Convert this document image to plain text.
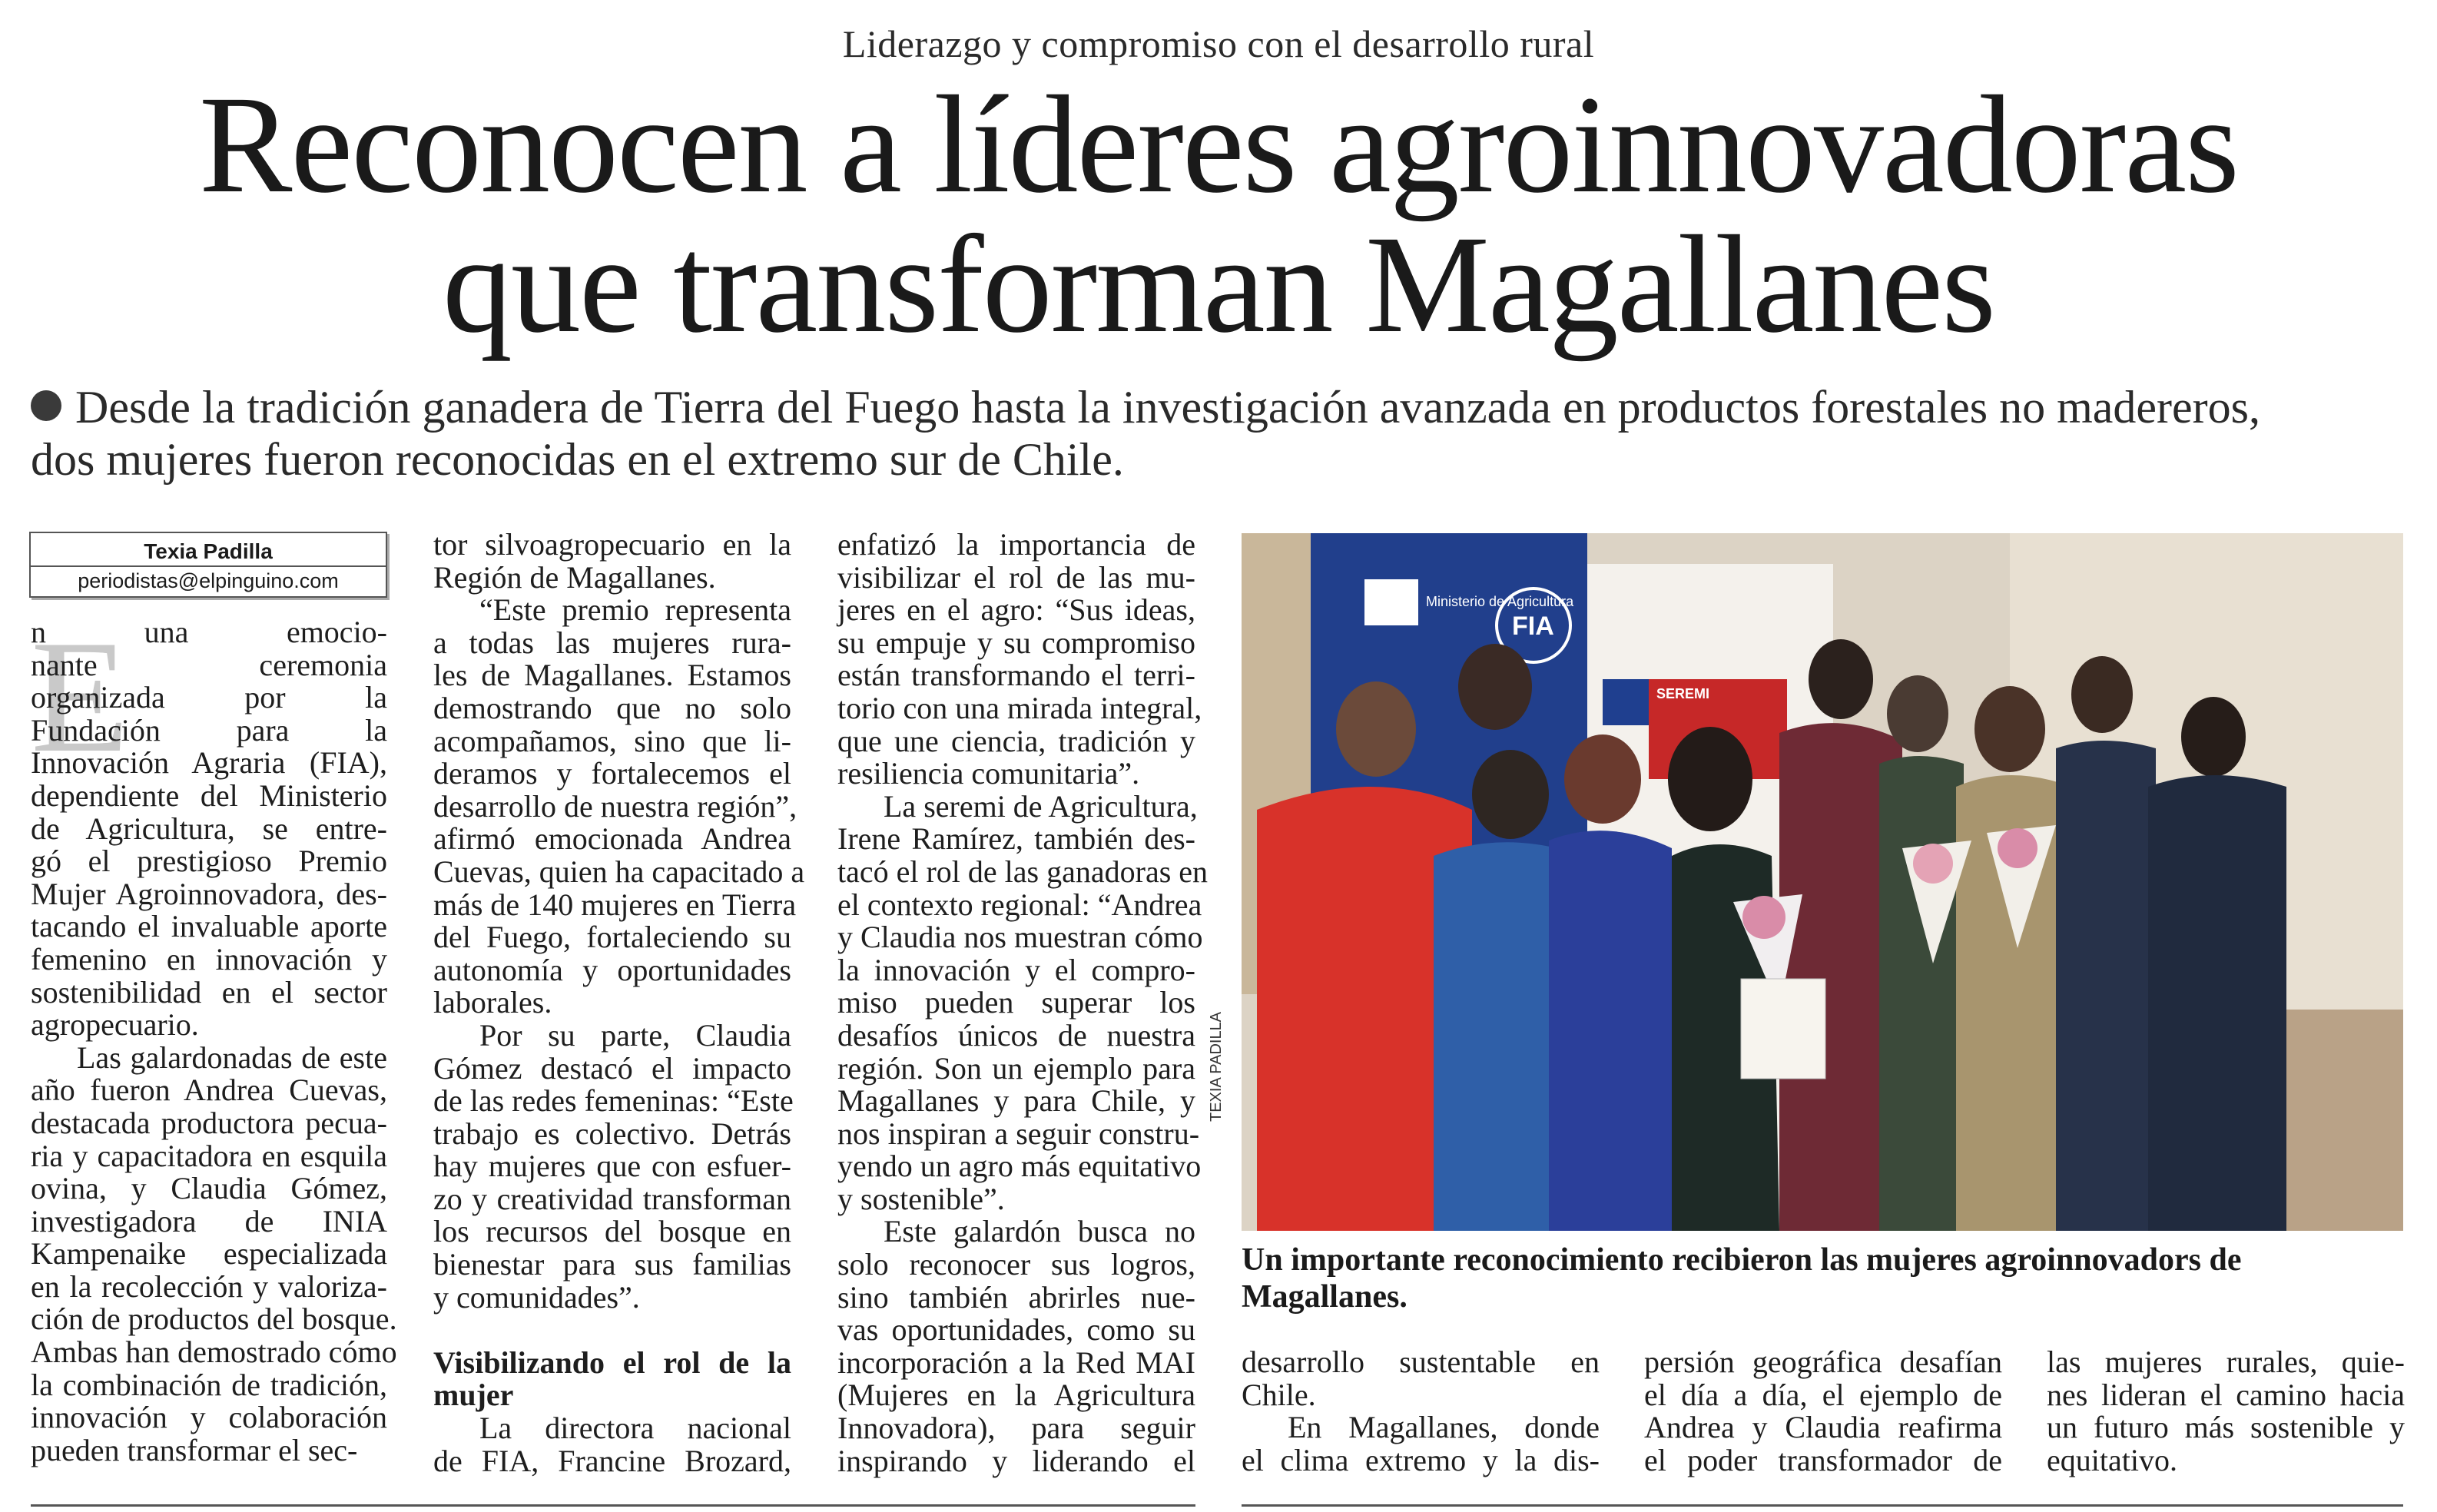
Liderazgo y compromiso con el desarrollo rural
Reconocen a líderes agroinnovadoras
que transforman Magallanes
Desde la tradición ganadera de Tierra del Fuego hasta la investigación avanzada en productos forestales no madereros,
dos mujeres fueron reconocidas en el extremo sur de Chile.
Texia Padilla
periodistas@elpinguino.com
E
n una emocio-
nante ceremonia
organizada por la
Fundación para la
Innovación Agraria (FIA),
dependiente del Ministerio
de Agricultura, se entre-
gó el prestigioso Premio
Mujer Agroinnovadora, des-
tacando el invaluable aporte
femenino en innovación y
sostenibilidad en el sector
agropecuario.
Las galardonadas de este
año fueron Andrea Cuevas,
destacada productora pecua-
ria y capacitadora en esquila
ovina, y Claudia Gómez,
investigadora de INIA
Kampenaike especializada
en la recolección y valoriza-
ción de productos del bosque.
Ambas han demostrado cómo
la combinación de tradición,
innovación y colaboración
pueden transformar el sec-
tor silvoagropecuario en la
Región de Magallanes.
“Este premio representa
a todas las mujeres rura-
les de Magallanes. Estamos
demostrando que no solo
acompañamos, sino que li-
deramos y fortalecemos el
desarrollo de nuestra región”,
afirmó emocionada Andrea
Cuevas, quien ha capacitado a
más de 140 mujeres en Tierra
del Fuego, fortaleciendo su
autonomía y oportunidades
laborales.
Por su parte, Claudia
Gómez destacó el impacto
de las redes femeninas: “Este
trabajo es colectivo. Detrás
hay mujeres que con esfuer-
zo y creatividad transforman
los recursos del bosque en
bienestar para sus familias
y comunidades”.

Visibilizando el rol de la
mujer
La directora nacional
de FIA, Francine Brozard,
enfatizó la importancia de
visibilizar el rol de las mu-
jeres en el agro: “Sus ideas,
su empuje y su compromiso
están transformando el terri-
torio con una mirada integral,
que une ciencia, tradición y
resiliencia comunitaria”.
La seremi de Agricultura,
Irene Ramírez, también des-
tacó el rol de las ganadoras en
el contexto regional: “Andrea
y Claudia nos muestran cómo
la innovación y el compro-
miso pueden superar los
desafíos únicos de nuestra
región. Son un ejemplo para
Magallanes y para Chile, y
nos inspiran a seguir constru-
yendo un agro más equitativo
y sostenible”.
Este galardón busca no
solo reconocer sus logros,
sino también abrirles nue-
vas oportunidades, como su
incorporación a la Red MAI
(Mujeres en la Agricultura
Innovadora), para seguir
inspirando y liderando el
desarrollo sustentable en
Chile.
En Magallanes, donde
el clima extremo y la dis-
persión geográfica desafían
el día a día, el ejemplo de
Andrea y Claudia reafirma
el poder transformador de
las mujeres rurales, quie-
nes lideran el camino hacia
un futuro más sostenible y
equitativo.
Ministerio de Agricultura
FIA
SEREMI
TEXIA PADILLA
Un importante reconocimiento recibieron las mujeres agroinnovadors de
Magallanes.
